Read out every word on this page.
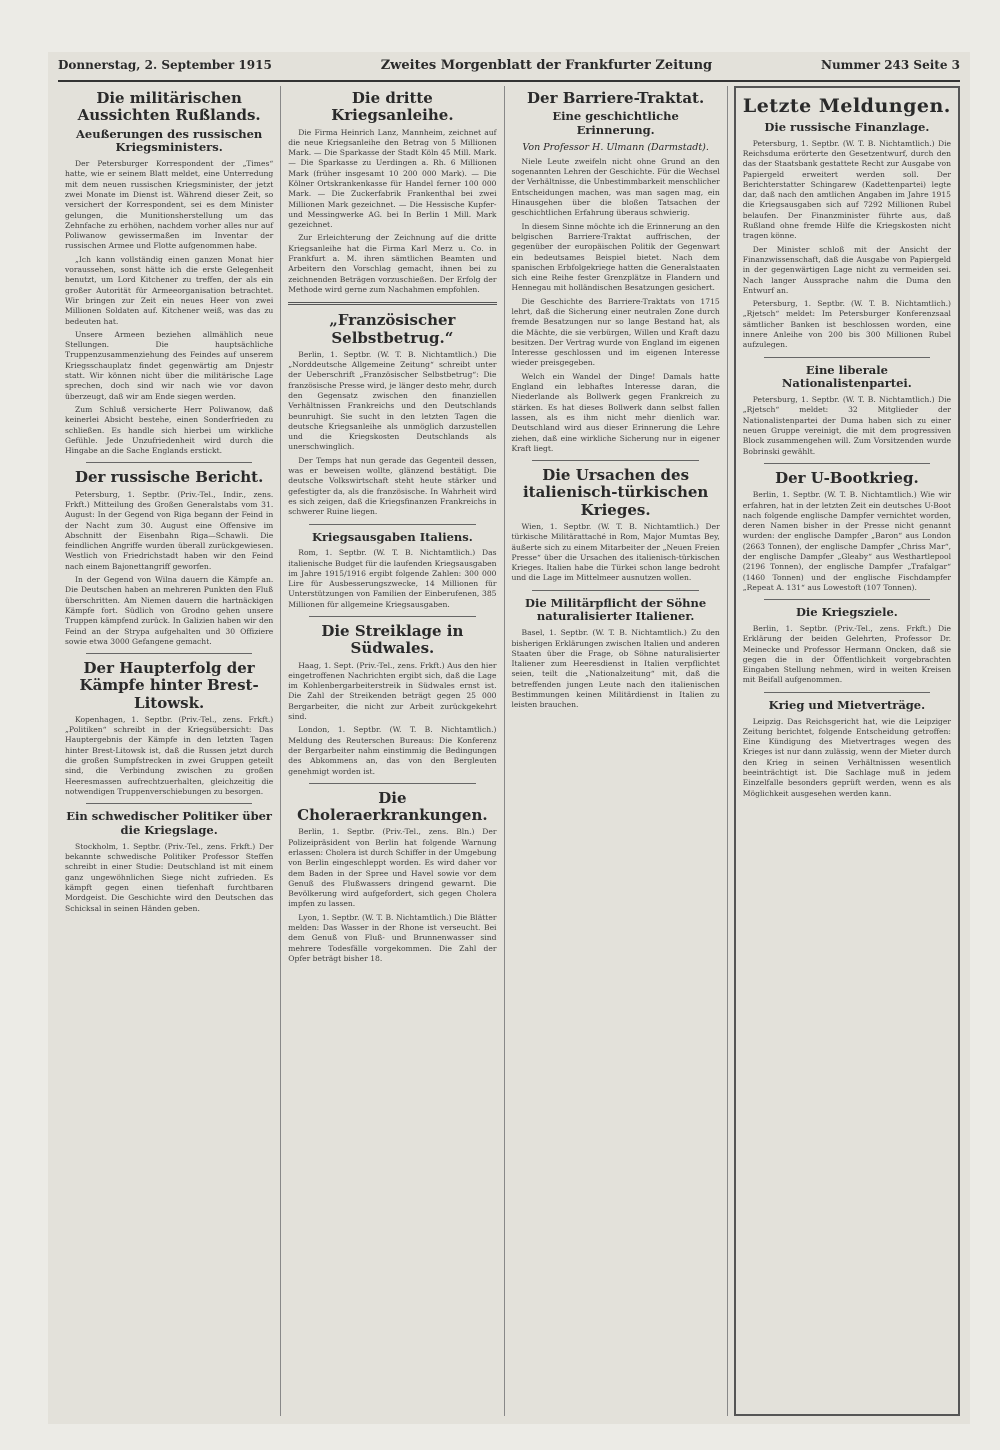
Donnerstag, 2. September 1915	Zweites Morgenblatt der Frankfurter Zeitung	Nummer 243 Seite 3
Die militärischen Aussichten Rußlands.
Aeußerungen des russischen Kriegsministers.

Der Petersburger Korrespondent der „Times“ hatte, wie er seinem Blatt meldet, eine Unterredung mit dem neuen russischen Kriegsminister, der jetzt zwei Monate im Dienst ist. Während dieser Zeit, so versichert der Korrespondent, sei es dem Minister gelungen, die Munitionsherstellung um das Zehnfache zu erhöhen, nachdem vorher alles nur auf Poliwanow gewissermaßen im Inventar der russischen Armee und Flotte aufgenommen habe.

„Ich kann vollständig einen ganzen Monat hier voraussehen, sonst hätte ich die erste Gelegenheit benutzt, um Lord Kitchener zu treffen, der als ein großer Autorität für Armeeorganisation betrachtet. Wir bringen zur Zeit ein neues Heer von zwei Millionen Soldaten auf. Kitchener weiß, was das zu bedeuten hat.

Unsere Armeen beziehen allmählich neue Stellungen. Die hauptsächliche Truppenzusammenziehung des Feindes auf unserem Kriegsschauplatz findet gegenwärtig am Dnjestr statt. Wir können nicht über die militärische Lage sprechen, doch sind wir nach wie vor davon überzeugt, daß wir am Ende siegen werden.

Zum Schluß versicherte Herr Poliwanow, daß keinerlei Absicht bestehe, einen Sonderfrieden zu schließen. Es handle sich hierbei um wirkliche Gefühle. Jede Unzufriedenheit wird durch die Hingabe an die Sache Englands erstickt.

Der russische Bericht.

Petersburg, 1. Septbr. (Priv.-Tel., Indir., zens. Frkft.) Mitteilung des Großen Generalstabs vom 31. August: In der Gegend von Riga begann der Feind in der Nacht zum 30. August eine Offensive im Abschnitt der Eisenbahn Riga—Schawli. Die feindlichen Angriffe wurden überall zurückgewiesen. Westlich von Friedrichstadt haben wir den Feind nach einem Bajonettangriff geworfen.

In der Gegend von Wilna dauern die Kämpfe an. Die Deutschen haben an mehreren Punkten den Fluß überschritten. Am Niemen dauern die hartnäckigen Kämpfe fort. Südlich von Grodno gehen unsere Truppen kämpfend zurück. In Galizien haben wir den Feind an der Strypa aufgehalten und 30 Offiziere sowie etwa 3000 Gefangene gemacht.

Der Haupterfolg der Kämpfe hinter Brest-Litowsk.

Kopenhagen, 1. Septbr. (Priv.-Tel., zens. Frkft.) „Politiken“ schreibt in der Kriegsübersicht: Das Hauptergebnis der Kämpfe in den letzten Tagen hinter Brest-Litowsk ist, daß die Russen jetzt durch die großen Sumpfstrecken in zwei Gruppen geteilt sind, die Verbindung zwischen zu großen Heeresmassen aufrechtzuerhalten, gleichzeitig die notwendigen Truppenverschiebungen zu besorgen.

Ein schwedischer Politiker über die Kriegslage.

Stockholm, 1. Septbr. (Priv.-Tel., zens. Frkft.) Der bekannte schwedische Politiker Professor Steffen schreibt in einer Studie: Deutschland ist mit einem ganz ungewöhnlichen Siege nicht zufrieden. Es kämpft gegen einen tiefenhaft furchtbaren Mordgeist. Die Geschichte wird den Deutschen das Schicksal in seinen Händen geben.

Die dritte Kriegsanleihe.

Die Firma Heinrich Lanz, Mannheim, zeichnet auf die neue Kriegsanleihe den Betrag von 5 Millionen Mark. — Die Sparkasse der Stadt Köln 45 Mill. Mark. — Die Sparkasse zu Uerdingen a. Rh. 6 Millionen Mark (früher insgesamt 10 200 000 Mark). — Die Kölner Ortskrankenkasse für Handel ferner 100 000 Mark. — Die Zuckerfabrik Frankenthal bei zwei Millionen Mark gezeichnet. — Die Hessische Kupfer- und Messingwerke AG. bei In Berlin 1 Mill. Mark gezeichnet.

Zur Erleichterung der Zeichnung auf die dritte Kriegsanleihe hat die Firma Karl Merz u. Co. in Frankfurt a. M. ihren sämtlichen Beamten und Arbeitern den Vorschlag gemacht, ihnen bei zu zeichnenden Beträgen vorzuschießen. Der Erfolg der Methode wird gerne zum Nachahmen empfohlen.

„Französischer Selbstbetrug.“

Berlin, 1. Septbr. (W. T. B. Nichtamtlich.) Die „Norddeutsche Allgemeine Zeitung“ schreibt unter der Ueberschrift „Französischer Selbstbetrug“: Die französische Presse wird, je länger desto mehr, durch den Gegensatz zwischen den finanziellen Verhältnissen Frankreichs und den Deutschlands beunruhigt. Sie sucht in den letzten Tagen die deutsche Kriegsanleihe als unmöglich darzustellen und die Kriegskosten Deutschlands als unerschwinglich.

Der Temps hat nun gerade das Gegenteil dessen, was er beweisen wollte, glänzend bestätigt. Die deutsche Volkswirtschaft steht heute stärker und gefestigter da, als die französische. In Wahrheit wird es sich zeigen, daß die Kriegsfinanzen Frankreichs in schwerer Ruine liegen.

Kriegsausgaben Italiens.

Rom, 1. Septbr. (W. T. B. Nichtamtlich.) Das italienische Budget für die laufenden Kriegsausgaben im Jahre 1915/1916 ergibt folgende Zahlen: 300 000 Lire für Ausbesserungszwecke, 14 Millionen für Unterstützungen von Familien der Einberufenen, 385 Millionen für allgemeine Kriegsausgaben.

Die Streiklage in Südwales.

Haag, 1. Sept. (Priv.-Tel., zens. Frkft.) Aus den hier eingetroffenen Nachrichten ergibt sich, daß die Lage im Kohlenbergarbeiterstreik in Südwales ernst ist. Die Zahl der Streikenden beträgt gegen 25 000 Bergarbeiter, die nicht zur Arbeit zurückgekehrt sind.

London, 1. Septbr. (W. T. B. Nichtamtlich.) Meldung des Reuterschen Bureaus: Die Konferenz der Bergarbeiter nahm einstimmig die Bedingungen des Abkommens an, das von den Bergleuten genehmigt worden ist.

Die Choleraerkrankungen.

Berlin, 1. Septbr. (Priv.-Tel., zens. Bln.) Der Polizeipräsident von Berlin hat folgende Warnung erlassen: Cholera ist durch Schiffer in der Umgebung von Berlin eingeschleppt worden. Es wird daher vor dem Baden in der Spree und Havel sowie vor dem Genuß des Flußwassers dringend gewarnt. Die Bevölkerung wird aufgefordert, sich gegen Cholera impfen zu lassen.

Lyon, 1. Septbr. (W. T. B. Nichtamtlich.) Die Blätter melden: Das Wasser in der Rhone ist verseucht. Bei dem Genuß von Fluß- und Brunnenwasser sind mehrere Todesfälle vorgekommen. Die Zahl der Opfer beträgt bisher 18.

Der Barriere-Traktat.
Eine geschichtliche Erinnerung.
Von Professor H. Ulmann (Darmstadt).

Niele Leute zweifeln nicht ohne Grund an den sogenannten Lehren der Geschichte. Für die Wechsel der Verhältnisse, die Unbestimmbarkeit menschlicher Entscheidungen machen, was man sagen mag, ein Hinausgehen über die bloßen Tatsachen der geschichtlichen Erfahrung überaus schwierig.

In diesem Sinne möchte ich die Erinnerung an den belgischen Barriere-Traktat auffrischen, der gegenüber der europäischen Politik der Gegenwart ein bedeutsames Beispiel bietet. Nach dem spanischen Erbfolgekriege hatten die Generalstaaten sich eine Reihe fester Grenzplätze in Flandern und Hennegau mit holländischen Besatzungen gesichert.

Die Geschichte des Barriere-Traktats von 1715 lehrt, daß die Sicherung einer neutralen Zone durch fremde Besatzungen nur so lange Bestand hat, als die Mächte, die sie verbürgen, Willen und Kraft dazu besitzen. Der Vertrag wurde von England im eigenen Interesse geschlossen und im eigenen Interesse wieder preisgegeben.

Welch ein Wandel der Dinge! Damals hatte England ein lebhaftes Interesse daran, die Niederlande als Bollwerk gegen Frankreich zu stärken. Es hat dieses Bollwerk dann selbst fallen lassen, als es ihm nicht mehr dienlich war. Deutschland wird aus dieser Erinnerung die Lehre ziehen, daß eine wirkliche Sicherung nur in eigener Kraft liegt.

Die Ursachen des italienisch-türkischen Krieges.

Wien, 1. Septbr. (W. T. B. Nichtamtlich.) Der türkische Militärattaché in Rom, Major Mumtas Bey, äußerte sich zu einem Mitarbeiter der „Neuen Freien Presse“ über die Ursachen des italienisch-türkischen Krieges. Italien habe die Türkei schon lange bedroht und die Lage im Mittelmeer ausnutzen wollen.

Die Militärpflicht der Söhne naturalisierter Italiener.

Basel, 1. Septbr. (W. T. B. Nichtamtlich.) Zu den bisherigen Erklärungen zwischen Italien und anderen Staaten über die Frage, ob Söhne naturalisierter Italiener zum Heeresdienst in Italien verpflichtet seien, teilt die „Nationalzeitung“ mit, daß die betreffenden jungen Leute nach den italienischen Bestimmungen keinen Militärdienst in Italien zu leisten brauchen.

Letzte Meldungen.
Die russische Finanzlage.

Petersburg, 1. Septbr. (W. T. B. Nichtamtlich.) Die Reichsduma erörterte den Gesetzentwurf, durch den das der Staatsbank gestattete Recht zur Ausgabe von Papiergeld erweitert werden soll. Der Berichterstatter Schingarew (Kadettenpartei) legte dar, daß nach den amtlichen Angaben im Jahre 1915 die Kriegsausgaben sich auf 7292 Millionen Rubel belaufen. Der Finanzminister führte aus, daß Rußland ohne fremde Hilfe die Kriegskosten nicht tragen könne.

Der Minister schloß mit der Ansicht der Finanzwissenschaft, daß die Ausgabe von Papiergeld in der gegenwärtigen Lage nicht zu vermeiden sei. Nach langer Aussprache nahm die Duma den Entwurf an.

Petersburg, 1. Septbr. (W. T. B. Nichtamtlich.) „Rjetsch“ meldet: Im Petersburger Konferenzsaal sämtlicher Banken ist beschlossen worden, eine innere Anleihe von 200 bis 300 Millionen Rubel aufzulegen.

Eine liberale Nationalistenpartei.

Petersburg, 1. Septbr. (W. T. B. Nichtamtlich.) Die „Rjetsch“ meldet: 32 Mitglieder der Nationalistenpartei der Duma haben sich zu einer neuen Gruppe vereinigt, die mit dem progressiven Block zusammengehen will. Zum Vorsitzenden wurde Bobrinski gewählt.

Der U-Bootkrieg.

Berlin, 1. Septbr. (W. T. B. Nichtamtlich.) Wie wir erfahren, hat in der letzten Zeit ein deutsches U-Boot nach folgende englische Dampfer vernichtet worden, deren Namen bisher in der Presse nicht genannt wurden: der englische Dampfer „Baron“ aus London (2663 Tonnen), der englische Dampfer „Chriss Mar“, der englische Dampfer „Gleaby“ aus Westhartlepool (2196 Tonnen), der englische Dampfer „Trafalgar“ (1460 Tonnen) und der englische Fischdampfer „Repeat A. 131“ aus Lowestoft (107 Tonnen).

Die Kriegsziele.

Berlin, 1. Septbr. (Priv.-Tel., zens. Frkft.) Die Erklärung der beiden Gelehrten, Professor Dr. Meinecke und Professor Hermann Oncken, daß sie gegen die in der Öffentlichkeit vorgebrachten Eingaben Stellung nehmen, wird in weiten Kreisen mit Beifall aufgenommen.

Krieg und Mietverträge.

Leipzig. Das Reichsgericht hat, wie die Leipziger Zeitung berichtet, folgende Entscheidung getroffen: Eine Kündigung des Mietvertrages wegen des Krieges ist nur dann zulässig, wenn der Mieter durch den Krieg in seinen Verhältnissen wesentlich beeinträchtigt ist. Die Sachlage muß in jedem Einzelfalle besonders geprüft werden, wenn es als Möglichkeit ausgesehen werden kann.
